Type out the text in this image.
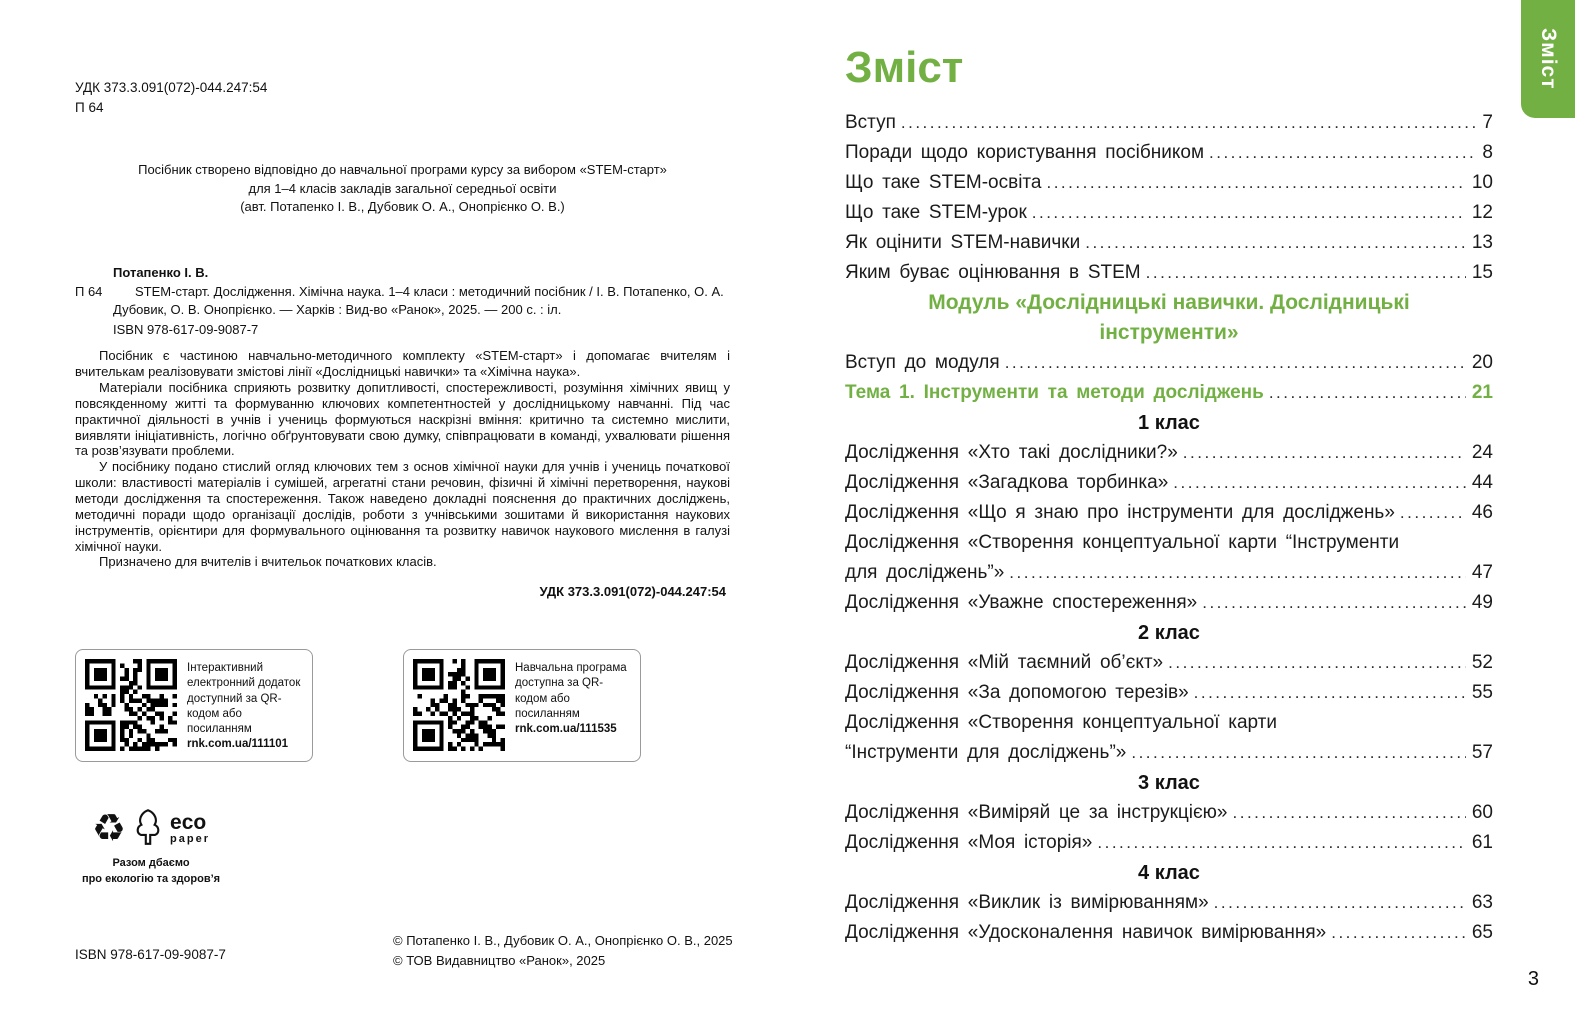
УДК 373.3.091(072)-044.247:54
П 64
Посібник створено відповідно до навчальної програми курсу за вибором «STEM-старт»
для 1–4 класів закладів загальної середньої освіти
(авт. Потапенко І. В., Дубовик О. А., Онопрієнко О. В.)
Потапенко І. В.
П 64	STEM-старт. Дослідження. Хімічна наука. 1–4 класи : методичний посібник / І. В. Потапенко, О. А. Дубовик, О. В. Онопрієнко. — Харків : Вид-во «Ранок», 2025. — 200 с. : іл.
ISBN 978-617-09-9087-7

Посібник є частиною навчально-методичного комплекту «STEM-старт» і допомагає вчителям і вчителькам реалізовувати змістові лінії «Дослідницькі навички» та «Хімічна наука».

Матеріали посібника сприяють розвитку допитливості, спостережливості, розуміння хімічних явищ у повсякденному житті та формуванню ключових компетентностей у дослідницькому навчанні. Під час практичної діяльності в учнів і учениць формуються наскрізні вміння: критично та системно мислити, виявляти ініціативність, логічно обґрунтовувати свою думку, співпрацювати в команді, ухвалювати рішення та розв’язувати проблеми.

У посібнику подано стислий огляд ключових тем з основ хімічної науки для учнів і учениць початкової школи: властивості матеріалів і сумішей, агрегатні стани речовин, фізичні й хімічні перетворення, наукові методи дослідження та спостереження. Також наведено докладні пояснення до практичних досліджень, методичні поради щодо організації дослідів, роботи з учнівськими зошитами й використання наукових інструментів, орієнтири для формувального оцінювання та розвитку навичок наукового мислення в галузі хімічної науки.

Призначено для вчителів і вчительок початкових класів.

УДК 373.3.091(072)-044.247:54
Інтерактивний електронний додаток доступний за QR-кодом або посиланням
rnk.com.ua/111101
Навчальна програма доступна за QR-кодом або посиланням
rnk.com.ua/111535
♻ eco
paper
Разом дбаємо
про екологію та здоров’я
ISBN 978-617-09-9087-7
© Потапенко І. В., Дубовик О. А., Онопрієнко О. В., 2025
© ТОВ Видавництво «Ранок», 2025
Зміст
Вступ .....	7
Поради щодо користування посібником .....	8
Що таке STEM-освіта .....	10
Що таке STEM-урок .....	12
Як оцінити STEM-навички .....	13
Яким буває оцінювання в STEM .....	15
Модуль «Дослідницькі навички. Дослідницькі
інструменти»
Вступ до модуля .....	20
Тема 1. Інструменти та методи досліджень .....	21
1 клас
Дослідження «Хто такі дослідники?» .....	24
Дослідження «Загадкова торбинка» .....	44
Дослідження «Що я знаю про інструменти для досліджень» .....	46
Дослідження «Створення концептуальної карти “Інструменти
для досліджень”» .....	47
Дослідження «Уважне спостереження» .....	49
2 клас
Дослідження «Мій таємний об’єкт» .....	52
Дослідження «За допомогою терезів» .....	55
Дослідження «Створення концептуальної карти
“Інструменти для досліджень”» .....	57
3 клас
Дослідження «Виміряй це за інструкцією» .....	60
Дослідження «Моя історія» .....	61
4 клас
Дослідження «Виклик із вимірюванням» .....	63
Дослідження «Удосконалення навичок вимірювання» .....	65
Зміст
3
